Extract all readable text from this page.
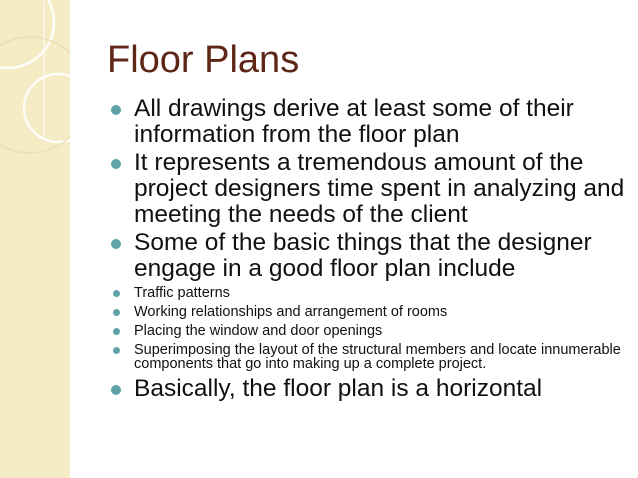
Floor Plans
All drawings derive at least some of their information from the floor plan
It represents a tremendous amount of the project designers time spent in analyzing and meeting the needs of the client
Some of the basic things that the designer engage in a good floor plan include
Traffic patterns
Working relationships and arrangement of rooms
Placing the window and door openings
Superimposing the layout of the structural members and locate innumerable components that go into making up a complete project.
Basically, the floor plan is a horizontal
